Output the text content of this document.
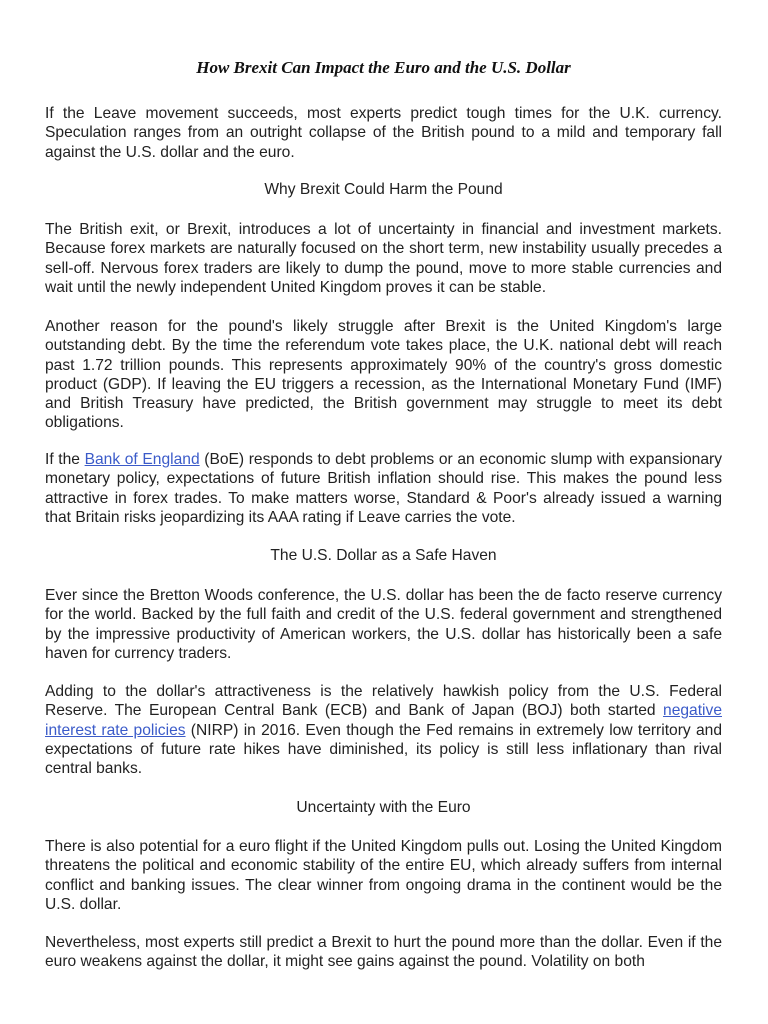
How Brexit Can Impact the Euro and the U.S. Dollar

If the Leave movement succeeds, most experts predict tough times for the U.K. currency. Speculation ranges from an outright collapse of the British pound to a mild and temporary fall against the U.S. dollar and the euro.

Why Brexit Could Harm the Pound

The British exit, or Brexit, introduces a lot of uncertainty in financial and investment markets. Because forex markets are naturally focused on the short term, new instability usually precedes a sell-off. Nervous forex traders are likely to dump the pound, move to more stable currencies and wait until the newly independent United Kingdom proves it can be stable.

Another reason for the pound's likely struggle after Brexit is the United Kingdom's large outstanding debt. By the time the referendum vote takes place, the U.K. national debt will reach past 1.72 trillion pounds. This represents approximately 90% of the country's gross domestic product (GDP). If leaving the EU triggers a recession, as the International Monetary Fund (IMF) and British Treasury have predicted, the British government may struggle to meet its debt obligations.

If the Bank of England (BoE) responds to debt problems or an economic slump with expansionary monetary policy, expectations of future British inflation should rise. This makes the pound less attractive in forex trades. To make matters worse, Standard & Poor's already issued a warning that Britain risks jeopardizing its AAA rating if Leave carries the vote.

The U.S. Dollar as a Safe Haven

Ever since the Bretton Woods conference, the U.S. dollar has been the de facto reserve currency for the world. Backed by the full faith and credit of the U.S. federal government and strengthened by the impressive productivity of American workers, the U.S. dollar has historically been a safe haven for currency traders.

Adding to the dollar's attractiveness is the relatively hawkish policy from the U.S. Federal Reserve. The European Central Bank (ECB) and Bank of Japan (BOJ) both started negative interest rate policies (NIRP) in 2016. Even though the Fed remains in extremely low territory and expectations of future rate hikes have diminished, its policy is still less inflationary than rival central banks.

Uncertainty with the Euro

There is also potential for a euro flight if the United Kingdom pulls out. Losing the United Kingdom threatens the political and economic stability of the entire EU, which already suffers from internal conflict and banking issues. The clear winner from ongoing drama in the continent would be the U.S. dollar.

Nevertheless, most experts still predict a Brexit to hurt the pound more than the dollar. Even if the euro weakens against the dollar, it might see gains against the pound. Volatility on both
